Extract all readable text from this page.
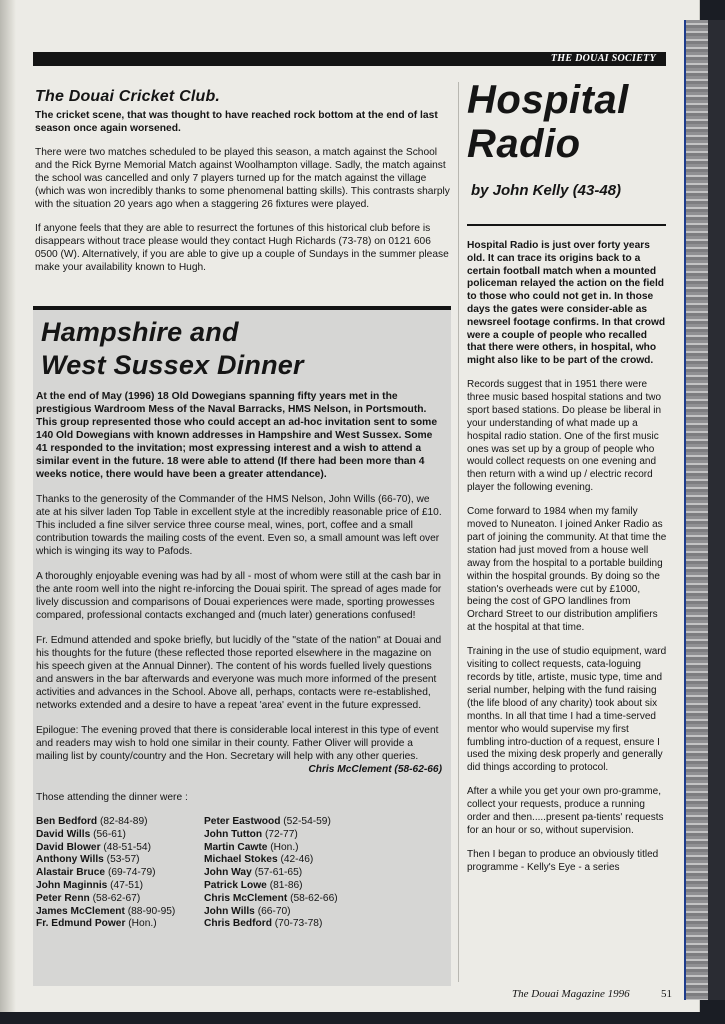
THE DOUAI SOCIETY
The Douai Cricket Club.

The cricket scene, that was thought to have reached rock bottom at the end of last season once again worsened.

There were two matches scheduled to be played this season, a match against the School and the Rick Byrne Memorial Match against Woolhampton village. Sadly, the match against the school was cancelled and only 7 players turned up for the match against the village (which was won incredibly thanks to some phenomenal batting skills). This contrasts sharply with the situation 20 years ago when a staggering 26 fixtures were played.

If anyone feels that they are able to resurrect the fortunes of this historical club before is disappears without trace please would they contact Hugh Richards (73-78) on 0121 606 0500 (W). Alternatively, if you are able to give up a couple of Sundays in the summer please make your availability known to Hugh.

Hampshire and
West Sussex Dinner

At the end of May (1996) 18 Old Dowegians spanning fifty years met in the prestigious Wardroom Mess of the Naval Barracks, HMS Nelson, in Portsmouth. This group represented those who could accept an ad-hoc invitation sent to some 140 Old Dowegians with known addresses in Hampshire and West Sussex. Some 41 responded to the invitation; most expressing interest and a wish to attend a similar event in the future. 18 were able to attend (If there had been more than 4 weeks notice, there would have been a greater attendance).

Thanks to the generosity of the Commander of the HMS Nelson, John Wills (66-70), we ate at his silver laden Top Table in excellent style at the incredibly reasonable price of £10. This included a fine silver service three course meal, wines, port, coffee and a small contribution towards the mailing costs of the event. Even so, a small amount was left over which is winging its way to Pafods.

A thoroughly enjoyable evening was had by all - most of whom were still at the cash bar in the ante room well into the night re-inforcing the Douai spirit. The spread of ages made for lively discussion and comparisons of Douai experiences were made, sporting prowesses compared, professional contacts exchanged and (much later) generations confused!

Fr. Edmund attended and spoke briefly, but lucidly of the "state of the nation" at Douai and his thoughts for the future (these reflected those reported elsewhere in the magazine on his speech given at the Annual Dinner). The content of his words fuelled lively questions and answers in the bar afterwards and everyone was much more informed of the present activities and advances in the School. Above all, perhaps, contacts were re-established, networks extended and a desire to have a repeat 'area' event in the future expressed.

Epilogue: The evening proved that there is considerable local interest in this type of event and readers may wish to hold one similar in their county. Father Oliver will provide a mailing list by county/country and the Hon. Secretary will help with any other queries.

Chris McClement (58-62-66)
Those attending the dinner were :
Ben Bedford (82-84-89)
David Wills (56-61)
David Blower (48-51-54)
Anthony Wills (53-57)
Alastair Bruce (69-74-79)
John Maginnis (47-51)
Peter Renn (58-62-67)
James McClement (88-90-95)
Fr. Edmund Power (Hon.)
Peter Eastwood (52-54-59)
John Tutton (72-77)
Martin Cawte (Hon.)
Michael Stokes (42-46)
John Way (57-61-65)
Patrick Lowe (81-86)
Chris McClement (58-62-66)
John Wills (66-70)
Chris Bedford (70-73-78)
Hospital
Radio
by John Kelly (43-48)

Hospital Radio is just over forty years old. It can trace its origins back to a certain football match when a mounted policeman relayed the action on the field to those who could not get in. In those days the gates were consider-able as newsreel footage confirms. In that crowd were a couple of people who recalled that there were others, in hospital, who might also like to be part of the crowd.

Records suggest that in 1951 there were three music based hospital stations and two sport based stations. Do please be liberal in your understanding of what made up a hospital radio station. One of the first music ones was set up by a group of people who would collect requests on one evening and then return with a wind up / electric record player the following evening.

Come forward to 1984 when my family moved to Nuneaton. I joined Anker Radio as part of joining the community. At that time the station had just moved from a house well away from the hospital to a portable building within the hospital grounds. By doing so the station's overheads were cut by £1000, being the cost of GPO landlines from Orchard Street to our distribution amplifiers at the hospital at that time.

Training in the use of studio equipment, ward visiting to collect requests, cata-loguing records by title, artiste, music type, time and serial number, helping with the fund raising (the life blood of any charity) took about six months. In all that time I had a time-served mentor who would supervise my first fumbling intro-duction of a request, ensure I used the mixing desk properly and generally did things according to protocol.

After a while you get your own pro-gramme, collect your requests, produce a running order and then.....present pa-tients' requests for an hour or so, without supervision.

Then I began to produce an obviously titled programme - Kelly's Eye - a series

The Douai Magazine 1996	51
